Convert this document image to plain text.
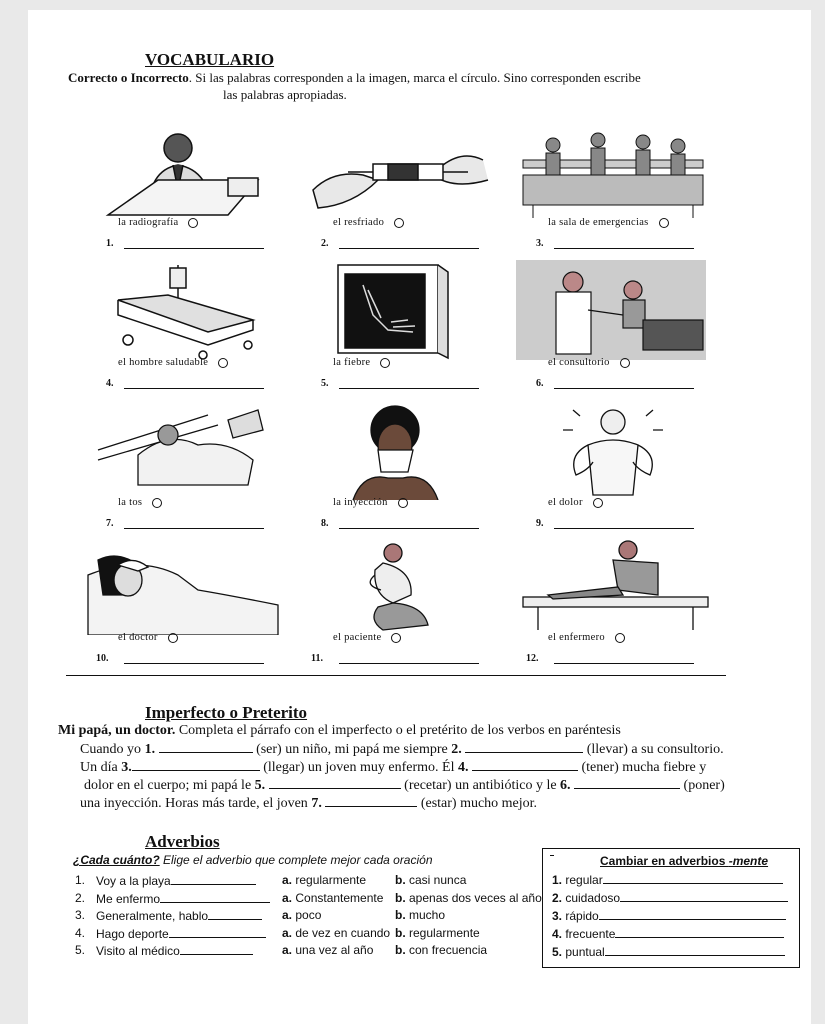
VOCABULARIO
Correcto o Incorrecto. Si las palabras corresponden a la imagen, marca el círculo. Sino corresponden escribe
las palabras apropiadas.
la radiografía
1.
el resfriado
2.
la sala de emergencias
3.
el hombre saludable
4.
la fiebre
5.
el consultorio
6.
la tos
7.
la inyección
8.
el dolor
9.
el doctor
10.
el paciente
11.
el enfermero
12.
Imperfecto o Preterito
Mi papá, un doctor. Completa el párrafo con el imperfecto o el pretérito de los verbos en paréntesis
Cuando yo 1.	(ser) un niño, mi papá me siempre 2.	(llevar) a su consultorio.
Un día 3.	(llegar) un joven muy enfermo. Él 4.	(tener) mucha fiebre y
dolor en el cuerpo; mi papá le 5.	(recetar) un antibiótico y le 6.	(poner)
una inyección. Horas más tarde, el joven 7.	(estar) mucho mejor.
Adverbios
¿Cada cuánto? Elige el adverbio que complete mejor cada oración
1. Voy a la playa	a. regularmente b. casi nunca
2. Me enfermo	a. Constantemente b. apenas dos veces al año
3. Generalmente, hablo	a. poco	b. mucho
4. Hago deporte	a. de vez en cuando b. regularmente
5. Visito al médico	a. una vez al año b. con frecuencia
Cambiar en adverbios -mente
1. regular
2. cuidadoso
3. rápido
4. frecuente
5. puntual
